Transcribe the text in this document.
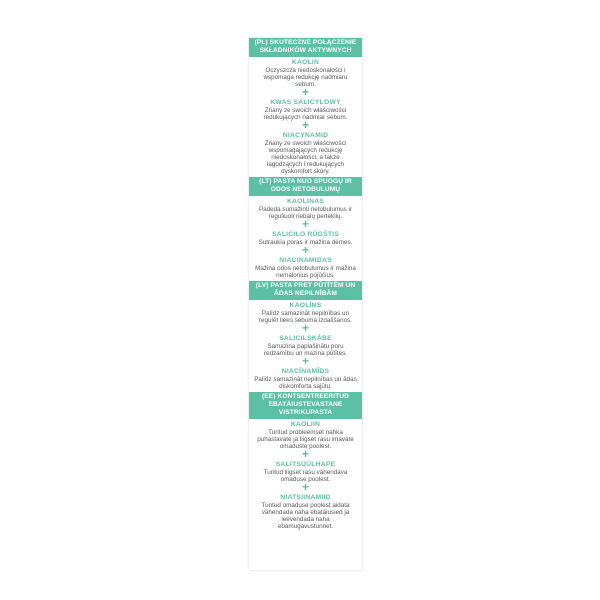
(PL) SKUTECZNE POŁĄCZENIE SKŁADNIKÓW AKTYWNYCH
KAOLIN
Oczyszcza niedoskonałości i wspomaga redukcję nadmiaru sebum.
+
KWAS SALICYLOWY
Znany ze swoich właściwości redukujących nadmiar sebum.
+
NIACYNAMID
Znany ze swoich właściwości wspomagających redukcję niedoskonałości, a także łagodzących i redukujących dyskomfort skóry.
(LT) PASTA NUO SPUOGŲ IR ODOS NETOBULUMŲ
KAOLINAS
Padeda sumažinti netobulumus ir reguliuoti riebalų perteklių.
+
SALICILO RŪGŠTIS
Sutraukia poras ir mažina dėmes.
+
NIACINAMIDAS
Mažina odos netobulumus ir mažina nemalonius pojūčius.
(LV) PASTA PRET PŪTĪTĒM UN ĀDAS NEPILNĪBĀM
KAOLĪNS
Palīdz samazināt nepilnības un regulēt lieko sebuma izdalīšanos.
+
SALICILSKĀBE
Samazina paplašinātu poru redzamību un mazina pūtītes.
+
NIACĪNAMĪDS
Palīdz samazināt nepilnības un ādas diskomforta sajūtu.
(EE) KONTSENTREERITUD EBATÄIUSTEVASTANE VISTRIKUPASTA
KAOLIIN
Tuntud probleemset nahka puhastavate ja liigset rasu imavate omaduste poolest.
+
SALITSÜÜLHAPE
Tuntud liigset rasu vähendava omaduse poolest.
+
NIATSIINAMIID
Tuntud omaduse poolest aidata vähendada naha ebatäiusied ja leevendada naha ebamugavustunnet.
